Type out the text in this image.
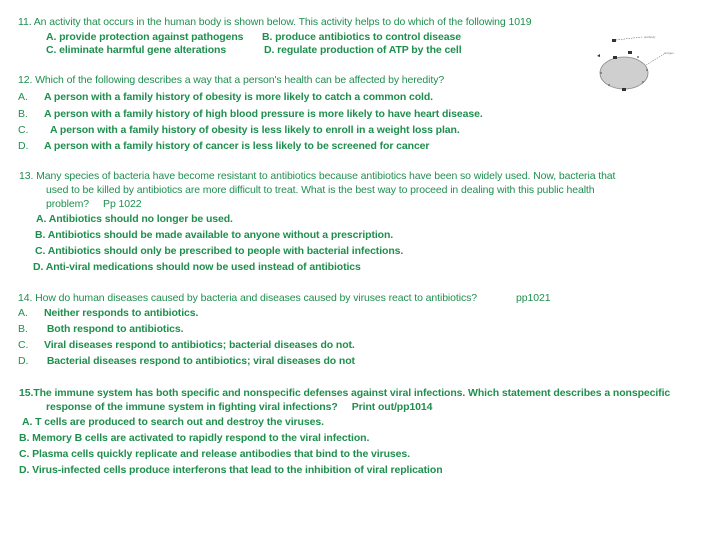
11. An activity that occurs in the human body is shown below. This activity helps to do which of the following 1019
A. provide protection against pathogens B. produce antibiotics to control disease
C. eliminate harmful gene alterations	D. regulate production of ATP by the cell
antibody
antigen
12. Which of the following describes a way that a person's health can be affected by heredity?
A. A person with a family history of obesity is more likely to catch a common cold.
B. A person with a family history of high blood pressure is more likely to have heart disease.
C. A person with a family history of obesity is less likely to enroll in a weight loss plan.
D. A person with a family history of cancer is less likely to be screened for cancer
13. Many species of bacteria have become resistant to antibiotics because antibiotics have been so widely used. Now, bacteria that
used to be killed by antibiotics are more difficult to treat. What is the best way to proceed in dealing with this public health
problem?     Pp 1022
A. Antibiotics should no longer be used.
B. Antibiotics should be made available to anyone without a prescription.
C. Antibiotics should only be prescribed to people with bacterial infections.
D. Anti-viral medications should now be used instead of antibiotics
14. How do human diseases caused by bacteria and diseases caused by viruses react to antibiotics?	pp1021
A. Neither responds to antibiotics.
B. Both respond to antibiotics.
C. Viral diseases respond to antibiotics; bacterial diseases do not.
D. Bacterial diseases respond to antibiotics; viral diseases do not
15.The immune system has both specific and nonspecific defenses against viral infections. Which statement describes a nonspecific
response of the immune system in fighting viral infections?     Print out/pp1014
A. T cells are produced to search out and destroy the viruses.
B. Memory B cells are activated to rapidly respond to the viral infection.
C. Plasma cells quickly replicate and release antibodies that bind to the viruses.
D. Virus-infected cells produce interferons that lead to the inhibition of viral replication
